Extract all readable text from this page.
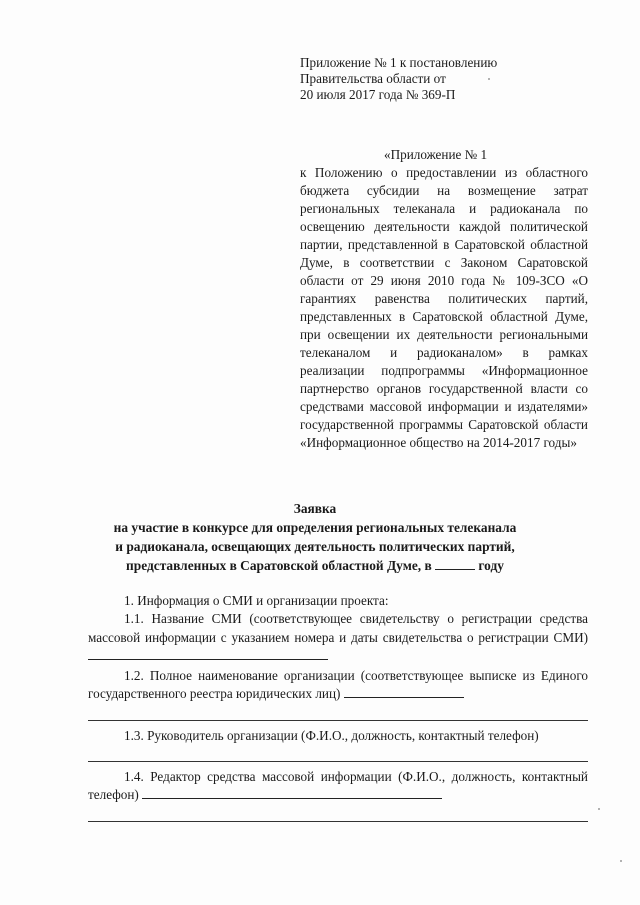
Приложение № 1 к постановлению
Правительства области от
20 июля 2017 года № 369-П

«Приложение № 1

к Положению о предоставлении из областного бюджета субсидии на возмещение затрат региональных телеканала и радиоканала по освещению деятельности каждой политической партии, представленной в Саратовской областной Думе, в соответствии с Законом Саратовской области от 29 июня 2010 года № 109-ЗСО «О гарантиях равенства политических партий, представленных в Саратовской областной Думе, при освещении их деятельности региональными телеканалом и радиоканалом» в рамках реализации подпрограммы «Информационное партнерство органов государственной власти со средствами массовой информации и издателями» государственной программы Саратовской области «Информационное общество на 2014-2017 годы»

Заявка
на участие в конкурсе для определения региональных телеканала
и радиоканала, освещающих деятельность политических партий,
представленных в Саратовской областной Думе, в	году

1. Информация о СМИ и организации проекта:

1.1. Название СМИ (соответствующее свидетельству о регистрации средства массовой информации с указанием номера и даты свидетельства о регистрации СМИ)

1.2. Полное наименование организации (соответствующее выписке из Единого государственного реестра юридических лиц)

1.3. Руководитель организации (Ф.И.О., должность, контактный телефон)

1.4. Редактор средства массовой информации (Ф.И.О., должность, контактный телефон)
